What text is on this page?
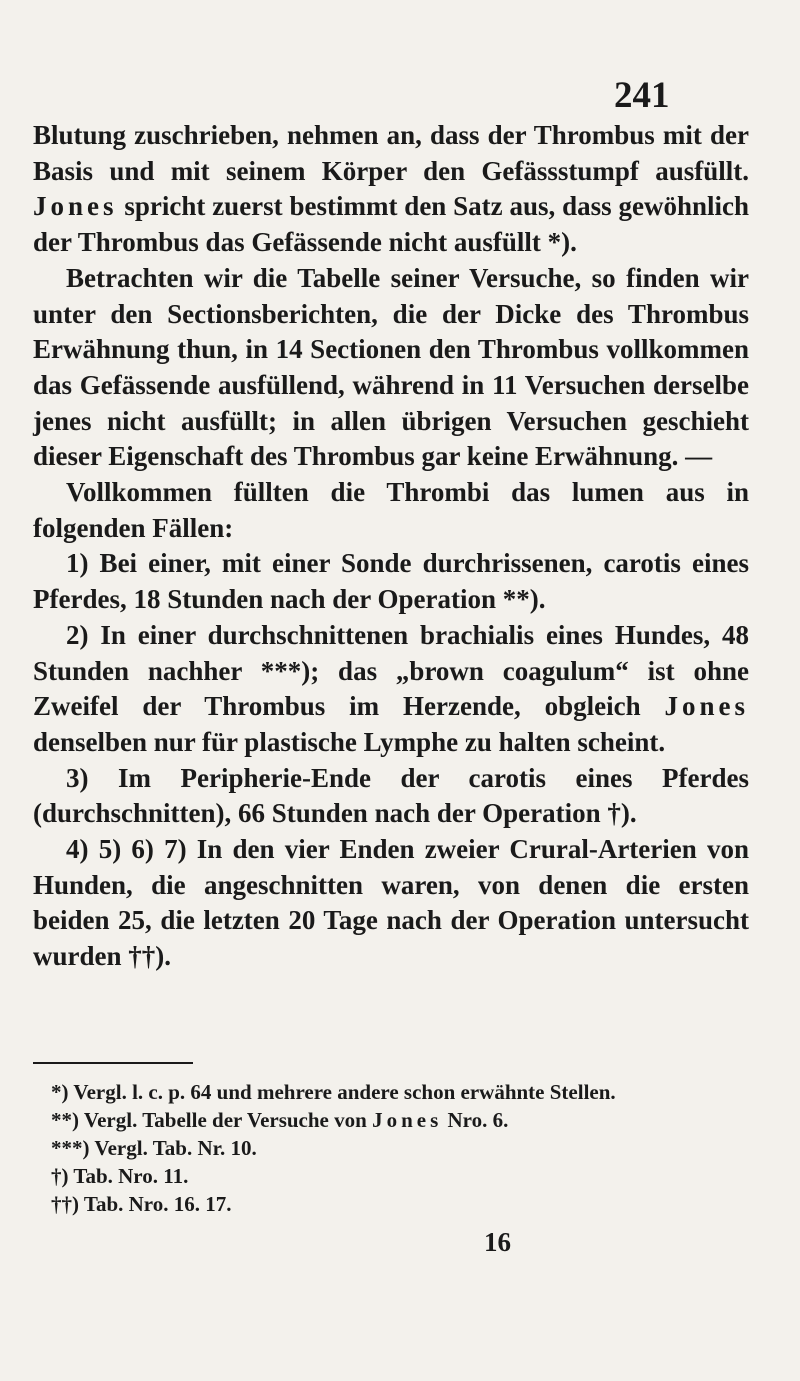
241

Blutung zuschrieben, nehmen an, dass der Thrombus mit der Basis und mit seinem Körper den Gefässstumpf ausfüllt. Jones spricht zuerst bestimmt den Satz aus, dass gewöhnlich der Thrombus das Gefässende nicht ausfüllt *).

Betrachten wir die Tabelle seiner Versuche, so finden wir unter den Sectionsberichten, die der Dicke des Thrombus Erwähnung thun, in 14 Sectionen den Thrombus vollkommen das Gefässende ausfüllend, während in 11 Versuchen derselbe jenes nicht ausfüllt; in allen übrigen Versuchen geschieht dieser Eigenschaft des Thrombus gar keine Erwähnung. —

Vollkommen füllten die Thrombi das lumen aus in folgenden Fällen:

1) Bei einer, mit einer Sonde durchrissenen, carotis eines Pferdes, 18 Stunden nach der Operation **).

2) In einer durchschnittenen brachialis eines Hundes, 48 Stunden nachher ***); das „brown coagulum“ ist ohne Zweifel der Thrombus im Herzende, obgleich Jones denselben nur für plastische Lymphe zu halten scheint.

3) Im Peripherie-Ende der carotis eines Pferdes (durchschnitten), 66 Stunden nach der Operation †).

4) 5) 6) 7) In den vier Enden zweier Crural-Arterien von Hunden, die angeschnitten waren, von denen die ersten beiden 25, die letzten 20 Tage nach der Operation untersucht wurden ††).

*) Vergl. l. c. p. 64 und mehrere andere schon erwähnte Stellen.

**) Vergl. Tabelle der Versuche von Jones Nro. 6.

***) Vergl. Tab. Nr. 10.

†) Tab. Nro. 11.

††) Tab. Nro. 16. 17.

16
